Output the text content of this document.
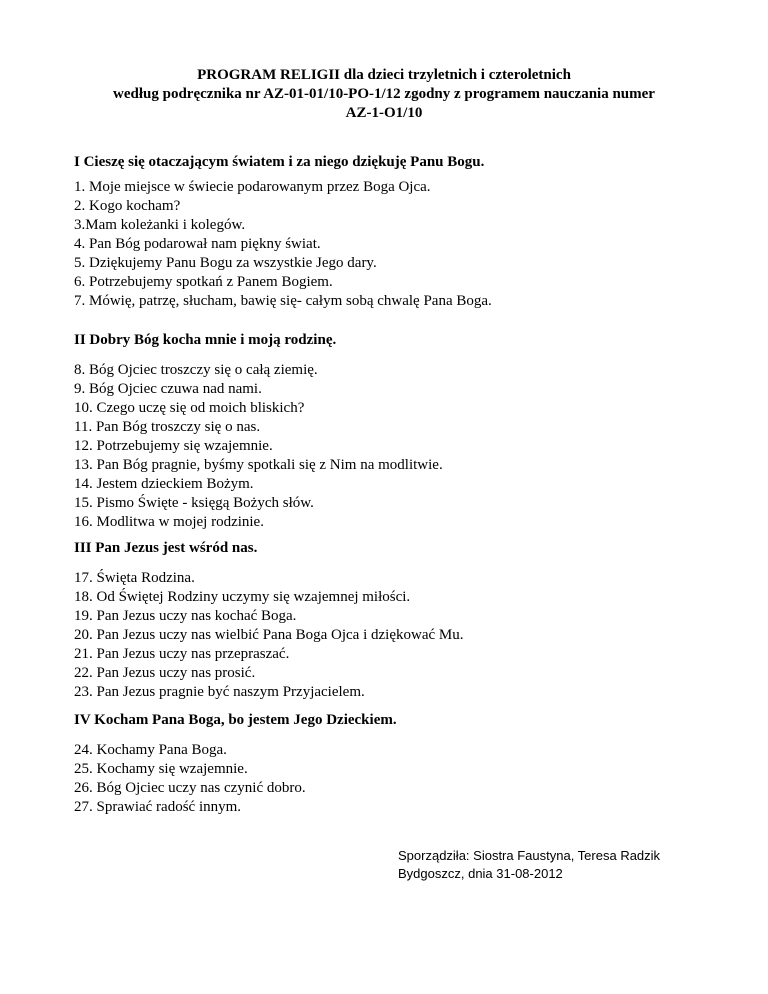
PROGRAM RELIGII dla dzieci trzyletnich i czteroletnich
według podręcznika nr AZ-01-01/10-PO-1/12 zgodny z programem nauczania numer
AZ-1-O1/10
I Cieszę się otaczającym światem i za niego dziękuję Panu Bogu.
1. Moje miejsce w świecie podarowanym przez Boga Ojca.
2. Kogo kocham?
3.Mam koleżanki i kolegów.
4. Pan Bóg podarował nam piękny świat.
5. Dziękujemy Panu Bogu za wszystkie Jego dary.
6. Potrzebujemy spotkań z Panem Bogiem.
7. Mówię, patrzę, słucham, bawię się- całym sobą chwalę Pana Boga.
II Dobry Bóg kocha mnie i moją rodzinę.
8. Bóg Ojciec troszczy się o całą ziemię.
9. Bóg Ojciec czuwa nad nami.
10. Czego uczę się od moich bliskich?
11. Pan Bóg troszczy się o nas.
12. Potrzebujemy się wzajemnie.
13. Pan Bóg pragnie, byśmy spotkali się z Nim na modlitwie.
14. Jestem dzieckiem Bożym.
15. Pismo Święte - księgą Bożych słów.
16. Modlitwa w mojej rodzinie.
III Pan Jezus jest wśród nas.
17. Święta Rodzina.
18. Od Świętej Rodziny uczymy się wzajemnej miłości.
19. Pan Jezus uczy nas kochać Boga.
20. Pan Jezus uczy nas wielbić Pana Boga Ojca i dziękować Mu.
21. Pan Jezus uczy nas przepraszać.
22. Pan Jezus uczy nas prosić.
23. Pan Jezus pragnie być naszym Przyjacielem.
IV Kocham Pana Boga, bo jestem Jego Dzieckiem.
24. Kochamy Pana Boga.
25. Kochamy się wzajemnie.
26. Bóg Ojciec uczy nas czynić dobro.
27. Sprawiać radość innym.
Sporządziła: Siostra Faustyna, Teresa Radzik
Bydgoszcz, dnia 31-08-2012
